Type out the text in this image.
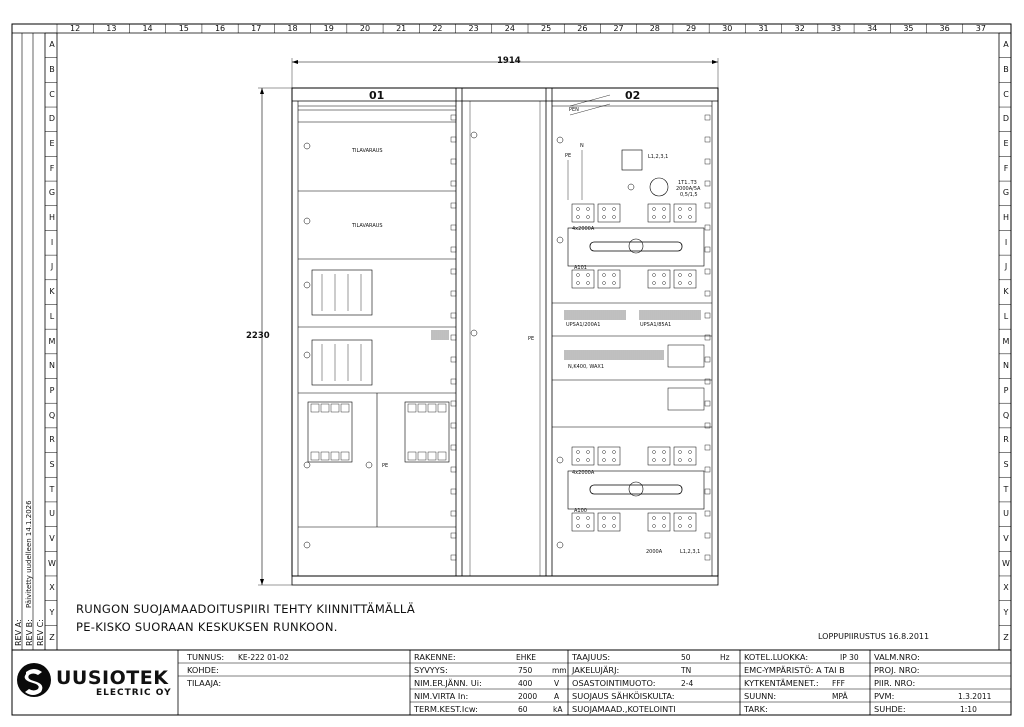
12	13	14	15	16	17	18	19	20	21	22	23	24	25	26	27	28	29	30	31	32	33	34	35	36	37
A
B
C
D
E
F
G
H
I
J
K
L
M
N
P
Q
R
S
T
U
V
W
X
Y
Z
A
B
C
D
E
F
G
H
I
J
K
L
M
N
P
Q
R
S
T
U
V
W
X
Y
Z
REV A: REV B: REV C:
Päivitetty uudelleen 14.1.2026
1914
2230
01	02
TILAVARAUS
TILAVARAUS
PE
PE
N
PEN
PE
L1,2,3,1
1T1..T3
2000A/5A
0,5/1,5
4x2000A
A101
4x2000A
A100
UPSA1/200A1	UPSA1/85A1
N,K400, WAX1
2000A	L1,2,3,1
RUNGON SUOJAMAADOITUSPIIRI TEHTY KIINNITTÄMÄLLÄ
PE-KISKO SUORAAN KESKUKSEN RUNKOON.
LOPPUPIIRUSTUS 16.8.2011
UUSIOTEK
ELECTRIC OY
TUNNUS: KE-222 01-02
KOHDE:
TILAAJA:
RAKENNE:	EHKE
SYVYYS:	750	mm
NIM.ER.JÄNN. Ui:	400	V
NIM.VIRTA In:	2000 A
TERM.KEST.Icw:	60	kA
TAAJUUS:	50	Hz
JAKELUJÄRJ:	TN
OSASTOINTIMUOTO:	2-4
SUOJAUS SÄHKÖISKULTA:
SUOJAMAAD.,KOTELOINTI
KOTEL.LUOKKA:	IP 30
EMC-YMPÄRISTÖ: A TAI B
KYTKENTÄMENET.: FFF
SUUNN:	MPÄ
TARK:
VALM.NRO:
PROJ. NRO:
PIIR. NRO:
PVM:	1.3.2011
SUHDE:	1:10
